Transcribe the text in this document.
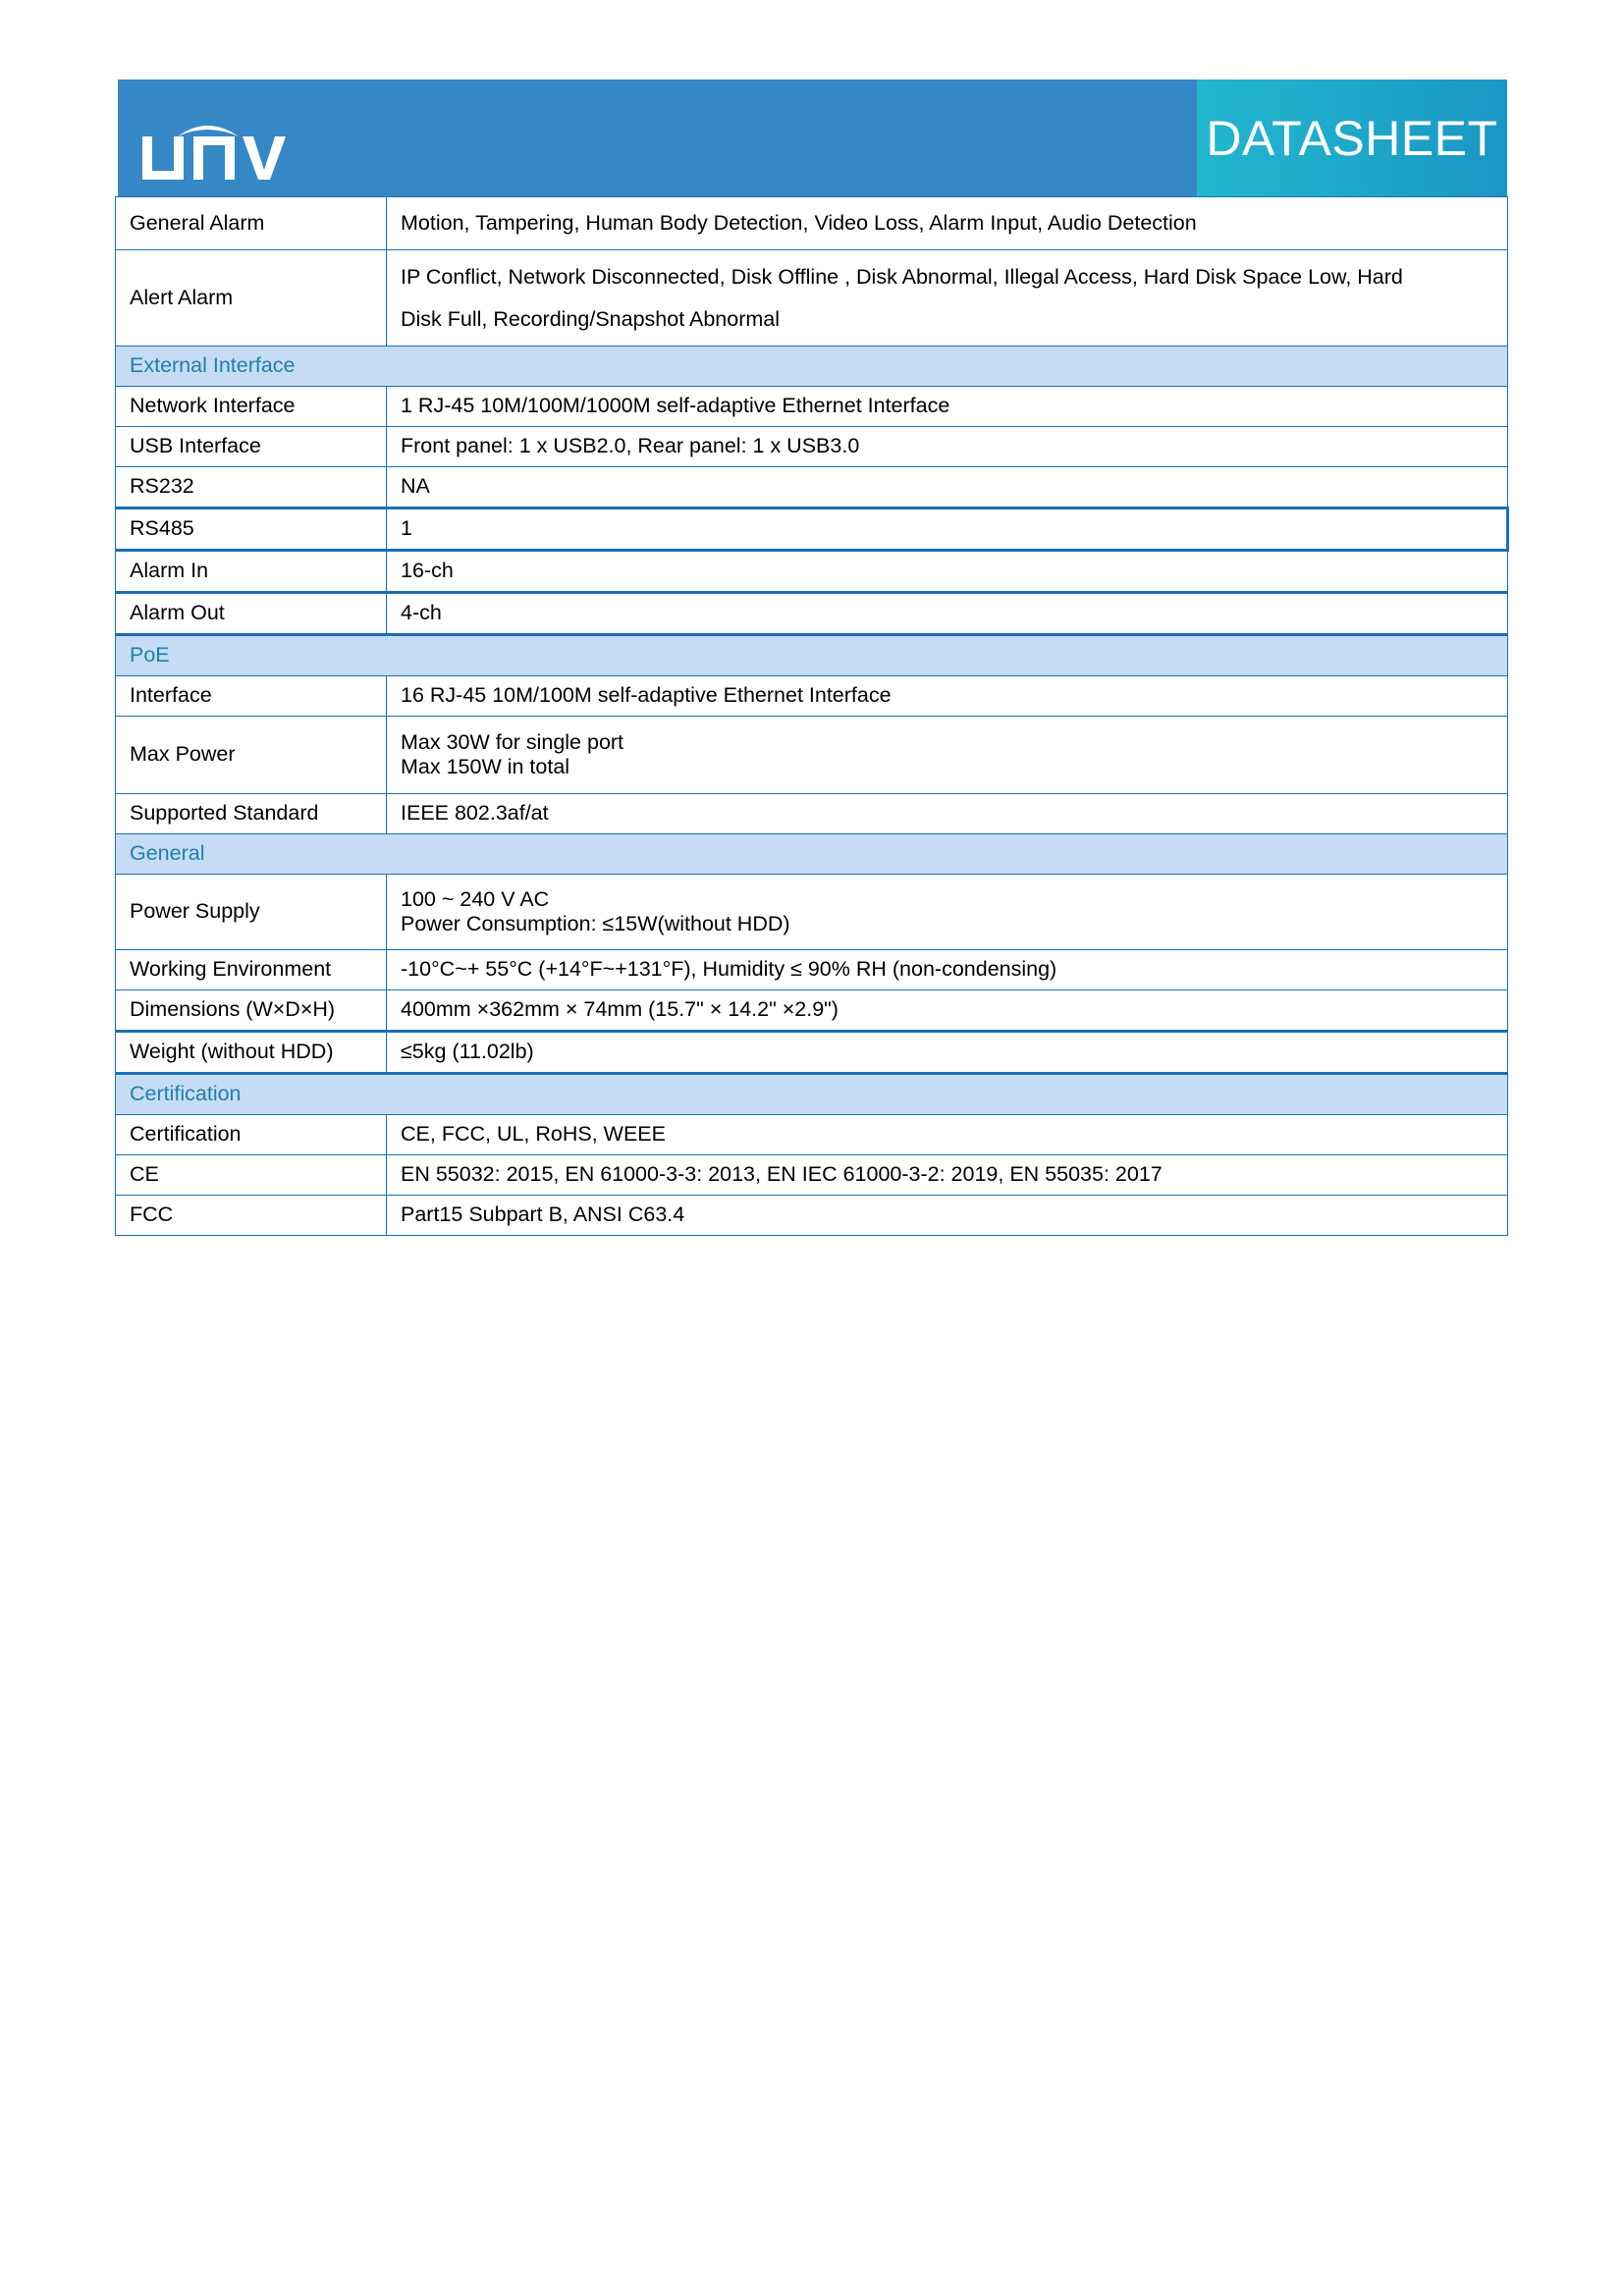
DATASHEET
General Alarm	Motion, Tampering, Human Body Detection, Video Loss, Alarm Input, Audio Detection
Alert Alarm	IP Conflict, Network Disconnected, Disk Offline , Disk Abnormal, Illegal Access, Hard Disk Space Low, Hard
Disk Full, Recording/Snapshot Abnormal

External Interface	
Network Interface	1 RJ-45 10M/100M/1000M self-adaptive Ethernet Interface
USB Interface	Front panel: 1 x USB2.0, Rear panel: 1 x USB3.0
RS232	NA
RS485	1
Alarm In	16-ch
Alarm Out	4-ch
PoE	
Interface	16 RJ-45 10M/100M self-adaptive Ethernet Interface
Max Power	Max 30W for single port
Max 150W in total

Supported Standard	IEEE 802.3af/at
General	
Power Supply	100 ~ 240 V AC
Power Consumption: ≤15W(without HDD)

Working Environment	-10°C~+ 55°C (+14°F~+131°F), Humidity ≤ 90% RH (non-condensing)
Dimensions (W×D×H)	400mm ×362mm × 74mm (15.7" × 14.2" ×2.9")
Weight (without HDD)	≤5kg (11.02lb)
Certification	
Certification	CE, FCC, UL, RoHS, WEEE
CE	EN 55032: 2015, EN 61000-3-3: 2013, EN IEC 61000-3-2: 2019, EN 55035: 2017
FCC	Part15 Subpart B, ANSI C63.4
